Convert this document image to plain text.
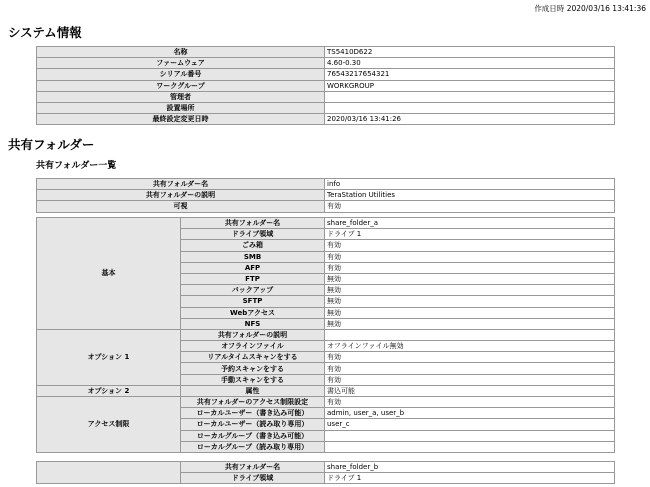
作成日時 2020/03/16 13:41:36
システム情報
名称	TS5410D622
ファームウェア	4.60-0.30
シリアル番号	76543217654321
ワークグループ	WORKGROUP
管理者	
設置場所	
最終設定変更日時	2020/03/16 13:41:26
共有フォルダー
共有フォルダー一覧
共有フォルダー名	info
共有フォルダーの説明	TeraStation Utilities
可視	有効
基本	共有フォルダー名	share_folder_a
	ドライブ領域	ドライブ 1
	ごみ箱	有効
	SMB	有効
	AFP	有効
	FTP	無効
	バックアップ	無効
	SFTP	無効
	Webアクセス	無効
	NFS	無効
オプション 1	共有フォルダーの説明	
	オフラインファイル	オフラインファイル無効
	リアルタイムスキャンをする	有効
	予約スキャンをする	有効
	手動スキャンをする	有効
オプション 2	属性	書込可能
アクセス制限	共有フォルダーのアクセス制限設定	有効
	ローカルユーザー（書き込み可能）	admin, user_a, user_b
	ローカルユーザー（読み取り専用）	user_c
	ローカルグループ（書き込み可能）	
	ローカルグループ（読み取り専用）	
	共有フォルダー名	share_folder_b
	ドライブ領域	ドライブ 1
